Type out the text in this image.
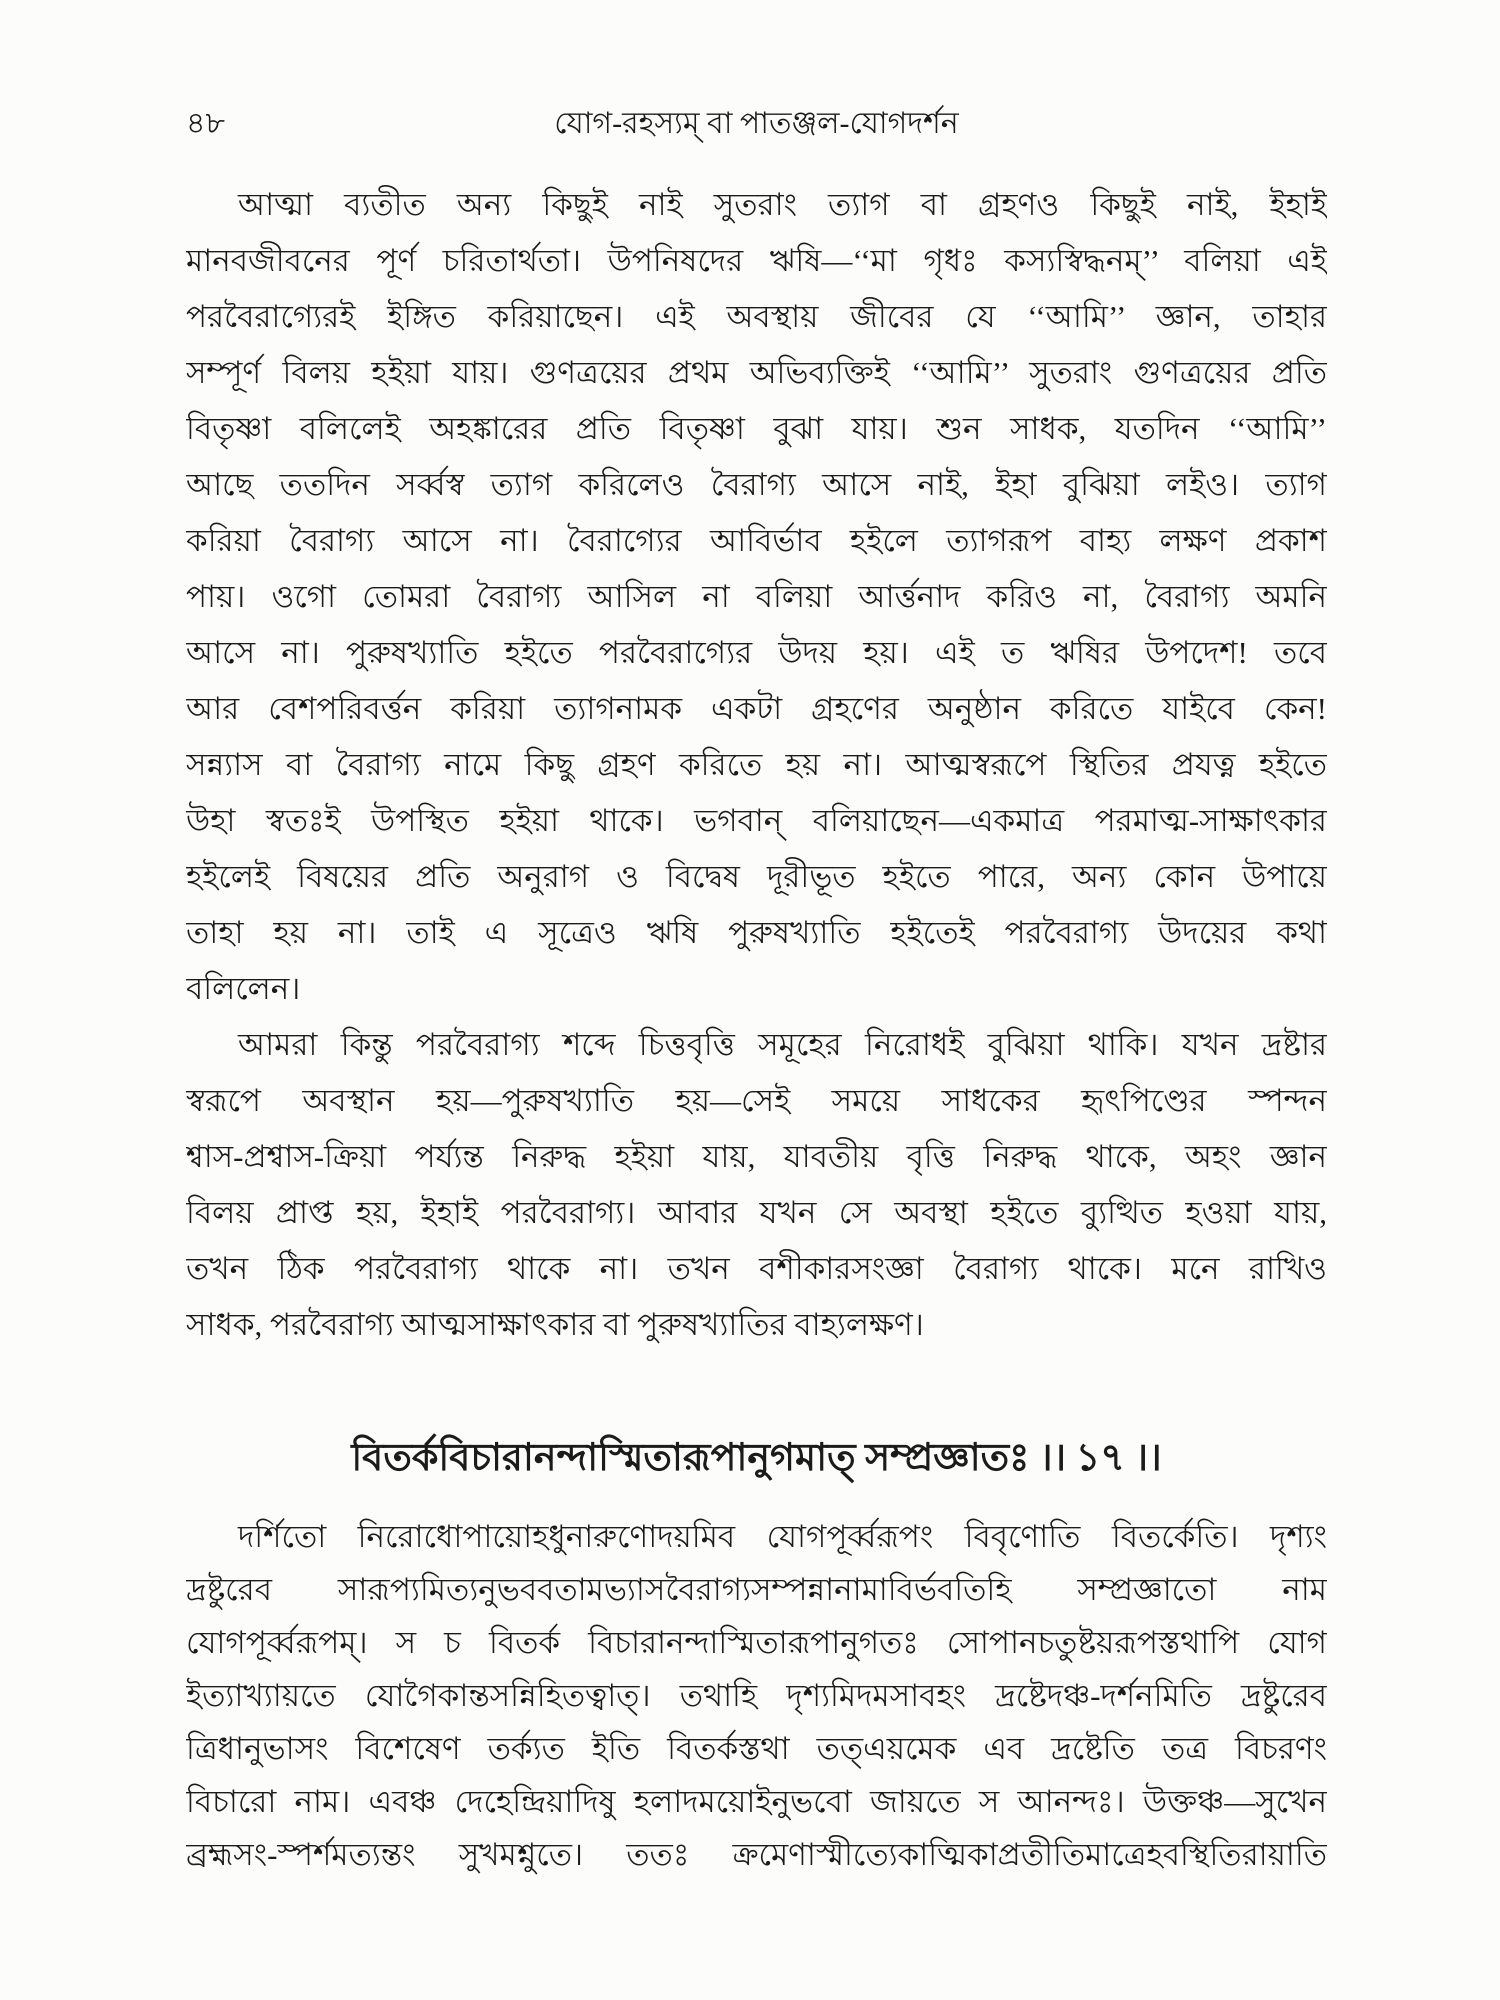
৪৮	যোগ-রহস্যম্ বা পাতঞ্জল-যোগদর্শন
আত্মা ব্যতীত অন্য কিছুই নাই সুতরাং ত্যাগ বা গ্রহণও কিছুই নাই, ইহাই
মানবজীবনের পূর্ণ চরিতার্থতা। উপনিষদের ঋষি—‘‘মা গৃধঃ কস্যস্বিদ্ধনম্’’ বলিয়া এই
পরবৈরাগ্যেরই ইঙ্গিত করিয়াছেন। এই অবস্থায় জীবের যে ‘‘আমি’’ জ্ঞান, তাহার
সম্পূর্ণ বিলয় হইয়া যায়। গুণত্রয়ের প্রথম অভিব্যক্তিই ‘‘আমি’’ সুতরাং গুণত্রয়ের প্রতি
বিতৃষ্ণা বলিলেই অহঙ্কারের প্রতি বিতৃষ্ণা বুঝা যায়। শুন সাধক, যতদিন ‘‘আমি’’
আছে ততদিন সর্ব্বস্ব ত্যাগ করিলেও বৈরাগ্য আসে নাই, ইহা বুঝিয়া লইও। ত্যাগ
করিয়া বৈরাগ্য আসে না। বৈরাগ্যের আবির্ভাব হইলে ত্যাগরূপ বাহ্য লক্ষণ প্রকাশ
পায়। ওগো তোমরা বৈরাগ্য আসিল না বলিয়া আর্ত্তনাদ করিও না, বৈরাগ্য অমনি
আসে না। পুরুষখ্যাতি হইতে পরবৈরাগ্যের উদয় হয়। এই ত ঋষির উপদেশ! তবে
আর বেশপরিবর্ত্তন করিয়া ত্যাগনামক একটা গ্রহণের অনুষ্ঠান করিতে যাইবে কেন!
সন্ন্যাস বা বৈরাগ্য নামে কিছু গ্রহণ করিতে হয় না। আত্মস্বরূপে স্থিতির প্রযত্ন হইতে
উহা স্বতঃই উপস্থিত হইয়া থাকে। ভগবান্ বলিয়াছেন—একমাত্র পরমাত্ম-সাক্ষাৎকার
হইলেই বিষয়ের প্রতি অনুরাগ ও বিদ্বেষ দূরীভূত হইতে পারে, অন্য কোন উপায়ে
তাহা হয় না। তাই এ সূত্রেও ঋষি পুরুষখ্যাতি হইতেই পরবৈরাগ্য উদয়ের কথা
বলিলেন।
আমরা কিন্তু পরবৈরাগ্য শব্দে চিত্তবৃত্তি সমূহের নিরোধই বুঝিয়া থাকি। যখন দ্রষ্টার
স্বরূপে অবস্থান হয়—পুরুষখ্যাতি হয়—সেই সময়ে সাধকের হৃৎপিণ্ডের স্পন্দন
শ্বাস-প্রশ্বাস-ক্রিয়া পর্য্যন্ত নিরুদ্ধ হইয়া যায়, যাবতীয় বৃত্তি নিরুদ্ধ থাকে, অহং জ্ঞান
বিলয় প্রাপ্ত হয়, ইহাই পরবৈরাগ্য। আবার যখন সে অবস্থা হইতে ব্যুত্থিত হওয়া যায়,
তখন ঠিক পরবৈরাগ্য থাকে না। তখন বশীকারসংজ্ঞা বৈরাগ্য থাকে। মনে রাখিও
সাধক, পরবৈরাগ্য আত্মসাক্ষাৎকার বা পুরুষখ্যাতির বাহ্যলক্ষণ।
বিতর্কবিচারানন্দাস্মিতারূপানুগমাত্ সম্প্রজ্ঞাতঃ ।। ১৭ ।।
দর্শিতো নিরোধোপায়োহধুনারুণোদয়মিব যোগপূর্ব্বরূপং বিবৃণোতি বিতর্কেতি। দৃশ্যং
দ্রষ্টুরেব সারূপ্যমিত্যনুভববতামভ্যাসবৈরাগ্যসম্পন্নানামাবির্ভবতিহি সম্প্রজ্ঞাতো নাম
যোগপূর্ব্বরূপম্। স চ বিতর্ক বিচারানন্দাস্মিতারূপানুগতঃ সোপানচতুষ্টয়রূপস্তথাপি যোগ
ইত্যাখ্যায়তে যোগৈকান্তসন্নিহিতত্বাত্। তথাহি দৃশ্যমিদমসাবহং দ্রষ্টেদঞ্চ-দর্শনমিতি দ্রষ্টুরেব
ত্রিধানুভাসং বিশেষেণ তর্ক্যত ইতি বিতর্কস্তথা তত্এয়মেক এব দ্রষ্টেতি তত্র বিচরণং
বিচারো নাম। এবঞ্চ দেহেন্দ্রিয়াদিষু হলাদময়োইনুভবো জায়তে স আনন্দঃ। উক্তঞ্চ—সুখেন
ব্রহ্মসং-স্পর্শমত্যন্তং সুখমশ্নুতে। ততঃ ক্রমেণাস্মীত্যেকাত্মিকাপ্রতীতিমাত্রেহবস্থিতিরায়াতি
